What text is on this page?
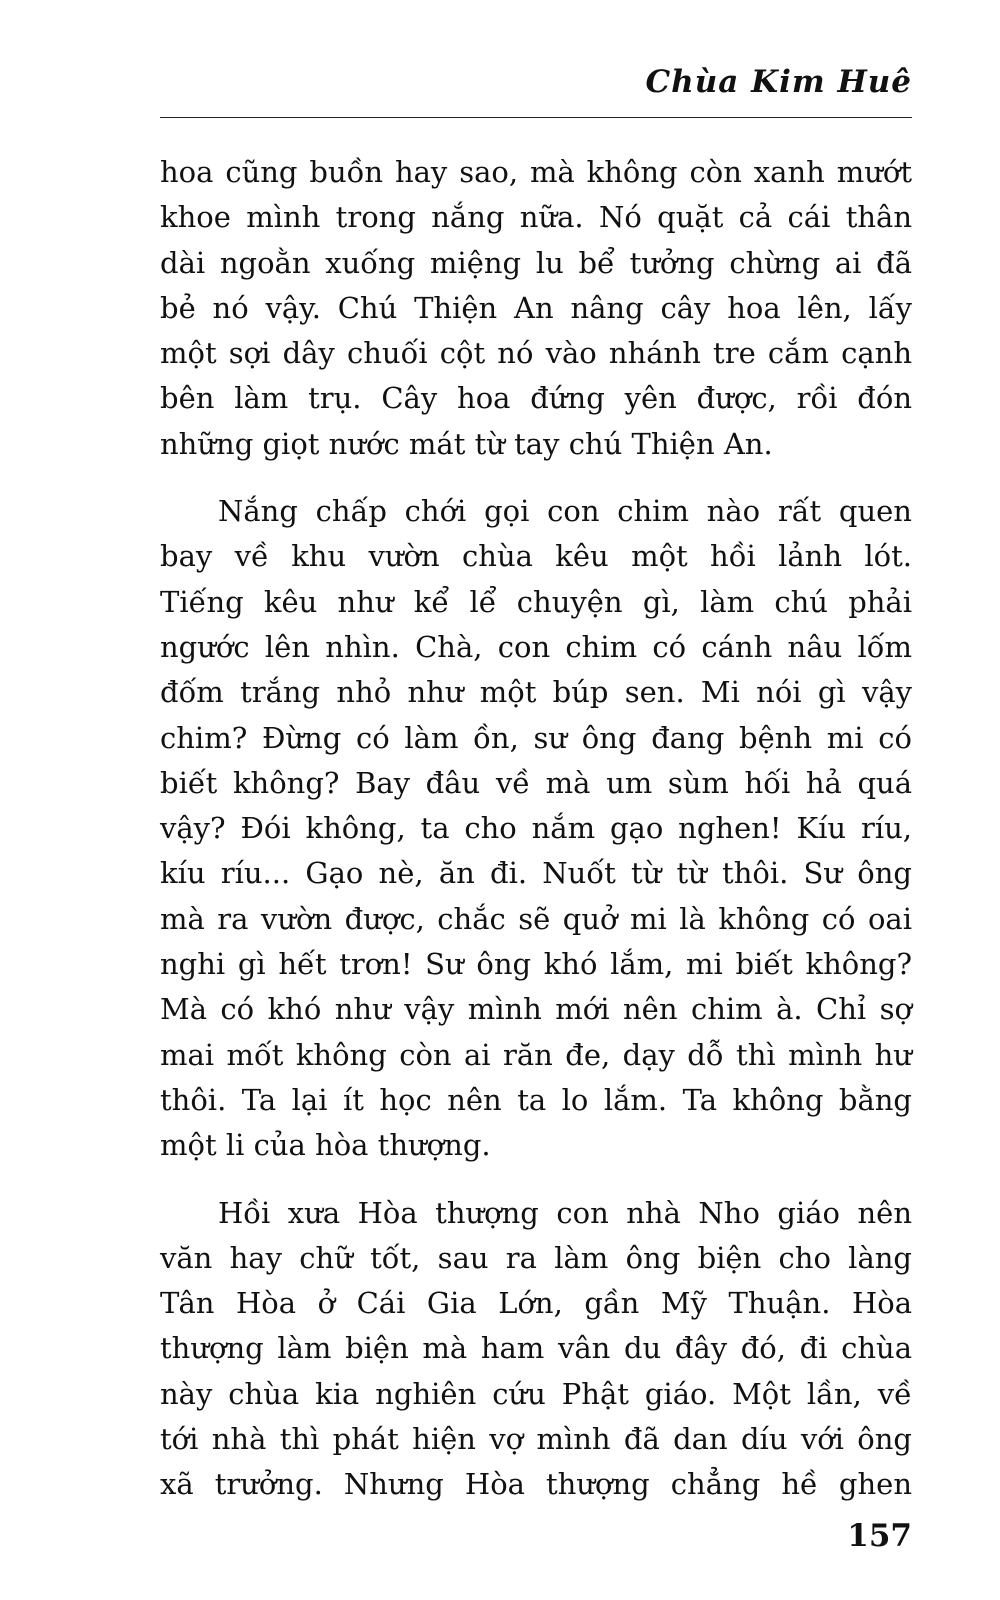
Chùa Kim Huê
hoa cũng buồn hay sao, mà không còn xanh mướt
khoe mình trong nắng nữa. Nó quặt cả cái thân
dài ngoằn xuống miệng lu bể tưởng chừng ai đã
bẻ nó vậy. Chú Thiện An nâng cây hoa lên, lấy
một sợi dây chuối cột nó vào nhánh tre cắm cạnh
bên làm trụ. Cây hoa đứng yên được, rồi đón
những giọt nước mát từ tay chú Thiện An.
Nắng chấp chới gọi con chim nào rất quen
bay về khu vườn chùa kêu một hồi lảnh lót.
Tiếng kêu như kể lể chuyện gì, làm chú phải
ngước lên nhìn. Chà, con chim có cánh nâu lốm
đốm trắng nhỏ như một búp sen. Mi nói gì vậy
chim? Đừng có làm ồn, sư ông đang bệnh mi có
biết không? Bay đâu về mà um sùm hối hả quá
vậy? Đói không, ta cho nắm gạo nghen! Kíu ríu,
kíu ríu... Gạo nè, ăn đi. Nuốt từ từ thôi. Sư ông
mà ra vườn được, chắc sẽ quở mi là không có oai
nghi gì hết trơn! Sư ông khó lắm, mi biết không?
Mà có khó như vậy mình mới nên chim à. Chỉ sợ
mai mốt không còn ai răn đe, dạy dỗ thì mình hư
thôi. Ta lại ít học nên ta lo lắm. Ta không bằng
một li của hòa thượng.
Hồi xưa Hòa thượng con nhà Nho giáo nên
văn hay chữ tốt, sau ra làm ông biện cho làng
Tân Hòa ở Cái Gia Lớn, gần Mỹ Thuận. Hòa
thượng làm biện mà ham vân du đây đó, đi chùa
này chùa kia nghiên cứu Phật giáo. Một lần, về
tới nhà thì phát hiện vợ mình đã dan díu với ông
xã trưởng. Nhưng Hòa thượng chẳng hề ghen
157
